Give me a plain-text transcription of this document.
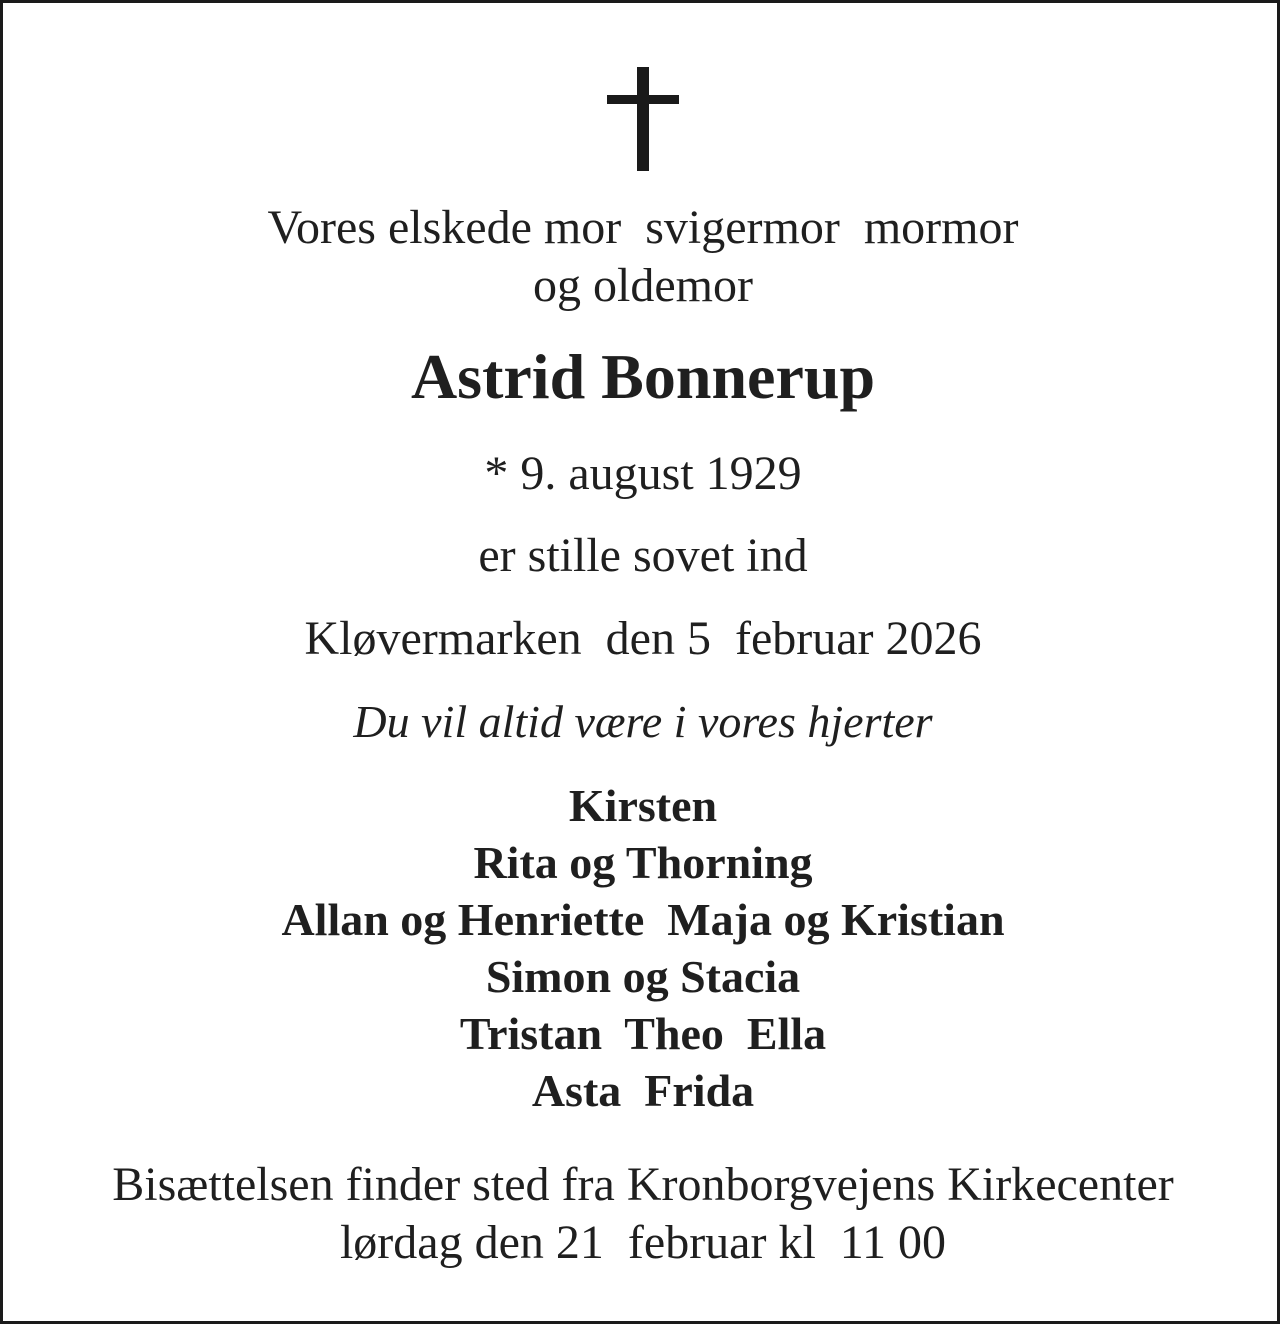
Vores elskede mor  svigermor  mormor

og oldemor

Astrid Bonnerup

* 9. august 1929

er stille sovet ind

Kløvermarken  den 5  februar 2026

Du vil altid være i vores hjerter

Kirsten

Rita og Thorning

Allan og Henriette  Maja og Kristian

Simon og Stacia

Tristan  Theo  Ella

Asta  Frida

Bisættelsen finder sted fra Kronborgvejens Kirkecenter

lørdag den 21  februar kl  11 00
